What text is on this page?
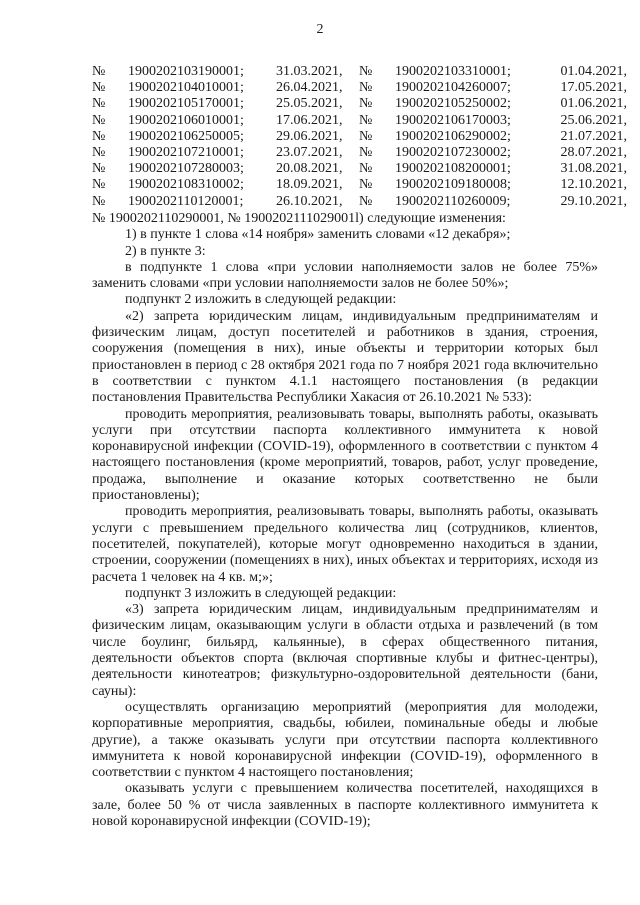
2
№	1900202103190001;	31.03.2021,	№	1900202103310001;	01.04.2021,
№	1900202104010001;	26.04.2021,	№	1900202104260007;	17.05.2021,
№	1900202105170001;	25.05.2021,	№	1900202105250002;	01.06.2021,
№	1900202106010001;	17.06.2021,	№	1900202106170003;	25.06.2021,
№	1900202106250005;	29.06.2021,	№	1900202106290002;	21.07.2021,
№	1900202107210001;	23.07.2021,	№	1900202107230002;	28.07.2021,
№	1900202107280003;	20.08.2021,	№	1900202108200001;	31.08.2021,
№	1900202108310002;	18.09.2021,	№	1900202109180008;	12.10.2021,
№	1900202110120001;	26.10.2021,	№	1900202110260009;	29.10.2021,

№ 1900202110290001, № 1900202111029001l) следующие изменения:

1) в пункте 1 слова «14 ноября» заменить словами «12 декабря»;

2) в пункте 3:

в подпункте 1 слова «при условии наполняемости залов не более 75%» заменить словами «при условии наполняемости залов не более 50%»;

подпункт 2 изложить в следующей редакции:

«2) запрета юридическим лицам, индивидуальным предпринимателям и физическим лицам, доступ посетителей и работников в здания, строения, сооружения (помещения в них), иные объекты и территории которых был приостановлен в период с 28 октября 2021 года по 7 ноября 2021 года включительно в соответствии с пунктом 4.1.1 настоящего постановления (в редакции постановления Правительства Республики Хакасия от 26.10.2021 № 533):

проводить мероприятия, реализовывать товары, выполнять работы, оказывать услуги при отсутствии паспорта коллективного иммунитета к новой коронавирусной инфекции (COVID-19), оформленного в соответствии с пунктом 4 настоящего постановления (кроме мероприятий, товаров, работ, услуг проведение, продажа, выполнение и оказание которых соответственно не были приостановлены);

проводить мероприятия, реализовывать товары, выполнять работы, оказывать услуги с превышением предельного количества лиц (сотрудников, клиентов, посетителей, покупателей), которые могут одновременно находиться в здании, строении, сооружении (помещениях в них), иных объектах и территориях, исходя из расчета 1 человек на 4 кв. м;»;

подпункт 3 изложить в следующей редакции:

«3) запрета юридическим лицам, индивидуальным предпринимателям и физическим лицам, оказывающим услуги в области отдыха и развлечений (в том числе боулинг, бильярд, кальянные), в сферах общественного питания, деятельности объектов спорта (включая спортивные клубы и фитнес-центры), деятельности кинотеатров; физкультурно-оздоровительной деятельности (бани, сауны):

осуществлять организацию мероприятий (мероприятия для молодежи, корпоративные мероприятия, свадьбы, юбилеи, поминальные обеды и любые другие), а также оказывать услуги при отсутствии паспорта коллективного иммунитета к новой коронавирусной инфекции (COVID-19), оформленного в соответствии с пунктом 4 настоящего постановления;

оказывать услуги с превышением количества посетителей, находящихся в зале, более 50 % от числа заявленных в паспорте коллективного иммунитета к новой коронавирусной инфекции (COVID-19);
